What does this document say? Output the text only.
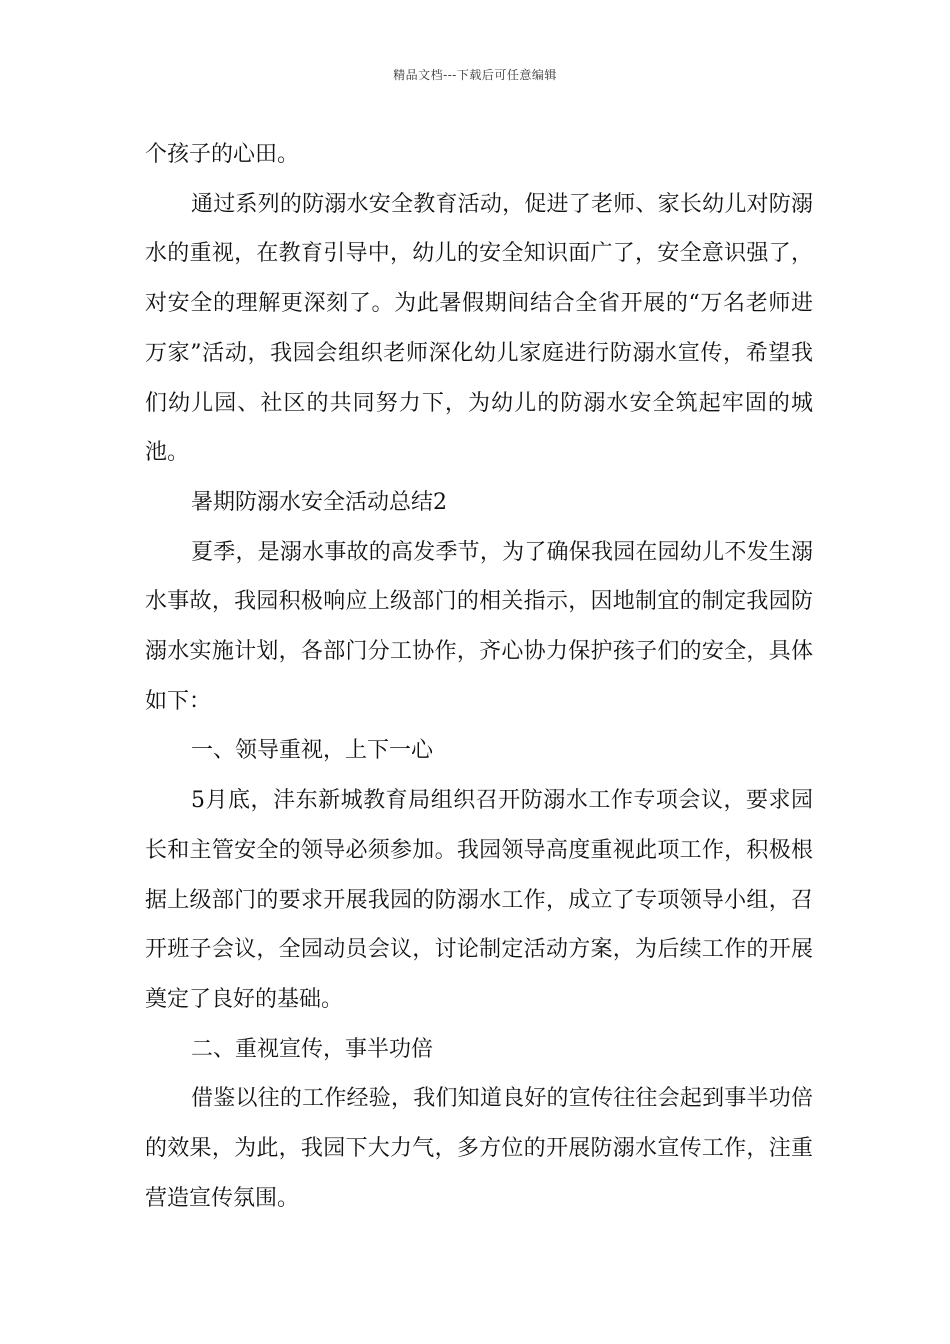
精品文档---下载后可任意编辑

个孩子的心田。

通过系列的防溺水安全教育活动，促进了老师、家长幼儿对防溺水的重视，在教育引导中，幼儿的安全知识面广了，安全意识强了，对安全的理解更深刻了。为此暑假期间结合全省开展的“万名老师进万家”活动，我园会组织老师深化幼儿家庭进行防溺水宣传，希望我们幼儿园、社区的共同努力下，为幼儿的防溺水安全筑起牢固的城池。

暑期防溺水安全活动总结2

夏季，是溺水事故的高发季节，为了确保我园在园幼儿不发生溺水事故，我园积极响应上级部门的相关指示，因地制宜的制定我园防溺水实施计划，各部门分工协作，齐心协力保护孩子们的安全，具体如下：

一、领导重视，上下一心

5月底，沣东新城教育局组织召开防溺水工作专项会议，要求园长和主管安全的领导必须参加。我园领导高度重视此项工作，积极根据上级部门的要求开展我园的防溺水工作，成立了专项领导小组，召开班子会议，全园动员会议，讨论制定活动方案，为后续工作的开展奠定了良好的基础。

二、重视宣传，事半功倍

借鉴以往的工作经验，我们知道良好的宣传往往会起到事半功倍的效果，为此，我园下大力气，多方位的开展防溺水宣传工作，注重营造宣传氛围。
